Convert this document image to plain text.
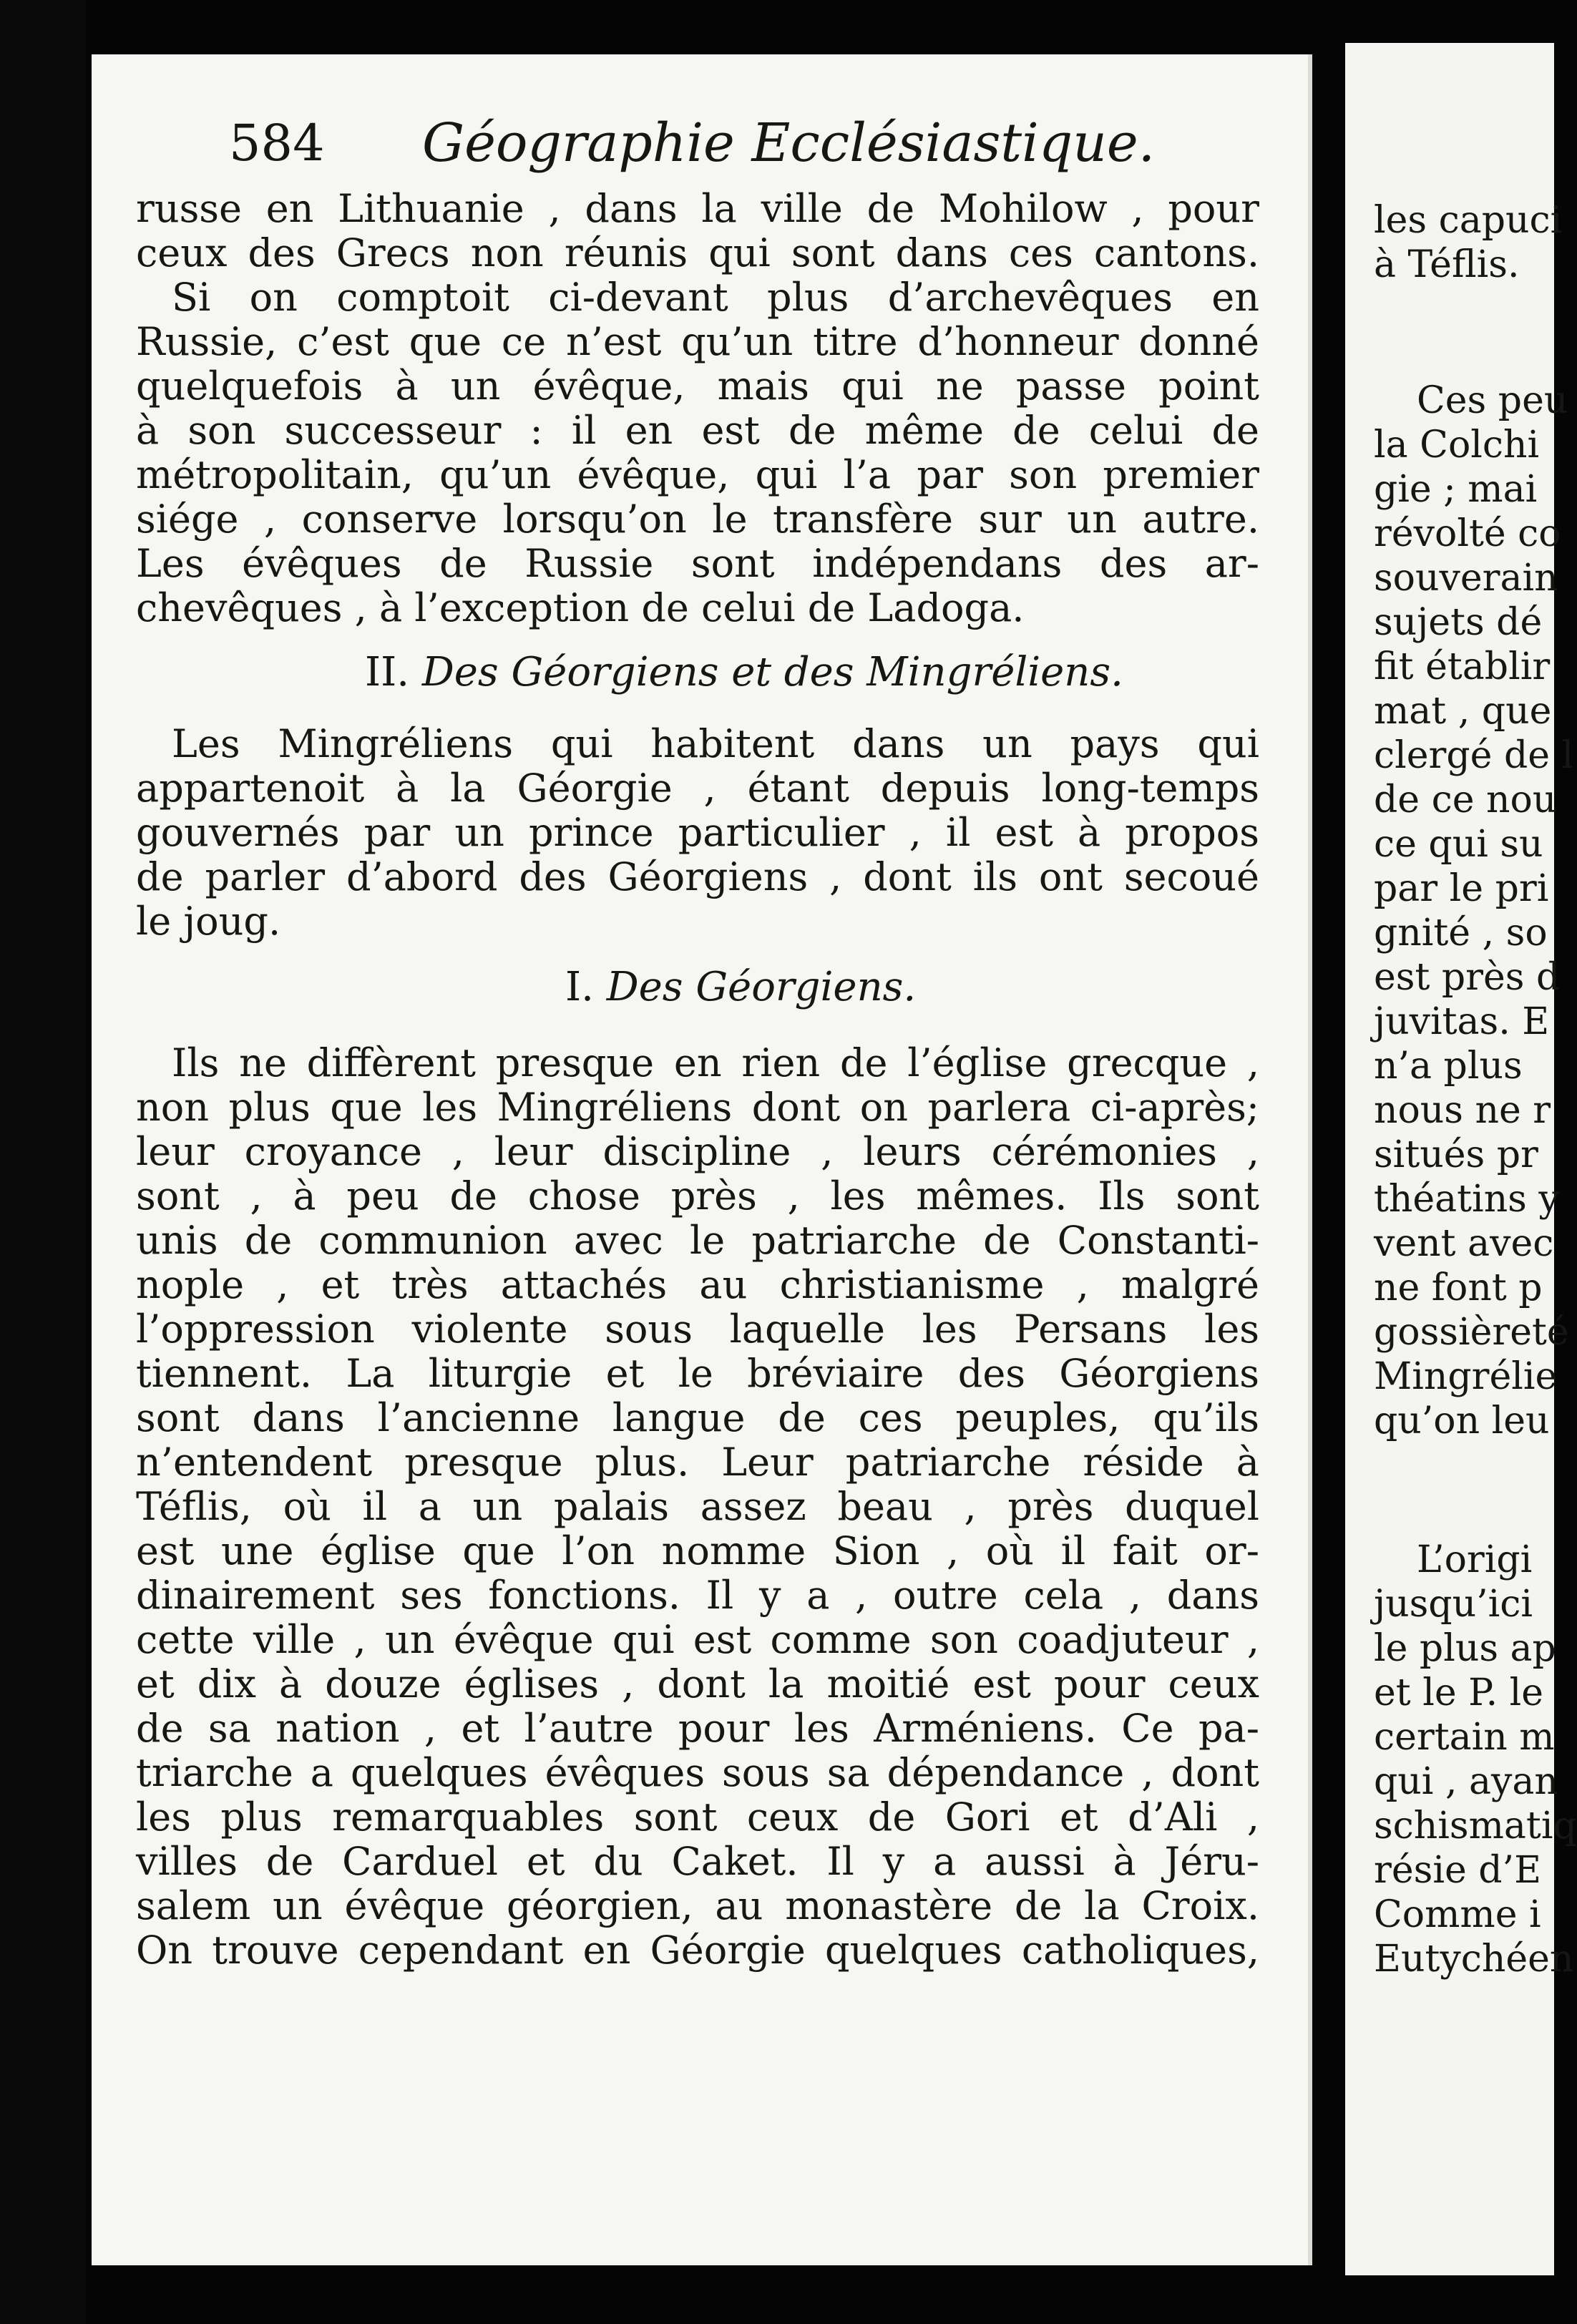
584 Géographie Ecclésiastique.
russe en Lithuanie , dans la ville de Mohilow , pour
ceux des Grecs non réunis qui sont dans ces cantons.
Si on comptoit ci-devant plus d’archevêques en
Russie, c’est que ce n’est qu’un titre d’honneur donné
quelquefois à un évêque, mais qui ne passe point
à son successeur : il en est de même de celui de
métropolitain, qu’un évêque, qui l’a par son premier
siége , conserve lorsqu’on le transfère sur un autre.
Les évêques de Russie sont indépendans des ar-
chevêques , à l’exception de celui de Ladoga.
II. Des Géorgiens et des Mingréliens.
Les Mingréliens qui habitent dans un pays qui
appartenoit à la Géorgie , étant depuis long-temps
gouvernés par un prince particulier , il est à propos
de parler d’abord des Géorgiens , dont ils ont secoué
le joug.
I. Des Géorgiens.
Ils ne diffèrent presque en rien de l’église grecque ,
non plus que les Mingréliens dont on parlera ci-après;
leur croyance , leur discipline , leurs cérémonies ,
sont , à peu de chose près , les mêmes. Ils sont
unis de communion avec le patriarche de Constanti-
nople , et très attachés au christianisme , malgré
l’oppression violente sous laquelle les Persans les
tiennent. La liturgie et le bréviaire des Géorgiens
sont dans l’ancienne langue de ces peuples, qu’ils
n’entendent presque plus. Leur patriarche réside à
Téflis, où il a un palais assez beau , près duquel
est une église que l’on nomme Sion , où il fait or-
dinairement ses fonctions. Il y a , outre cela , dans
cette ville , un évêque qui est comme son coadjuteur ,
et dix à douze églises , dont la moitié est pour ceux
de sa nation , et l’autre pour les Arméniens. Ce pa-
triarche a quelques évêques sous sa dépendance , dont
les plus remarquables sont ceux de Gori et d’Ali ,
villes de Carduel et du Caket. Il y a aussi à Jéru-
salem un évêque géorgien, au monastère de la Croix.
On trouve cependant en Géorgie quelques catholiques,
les capuci
à Téflis.
Ces peu
la Colchi
gie ; mai
révolté co
souverain
sujets dé
fit établir
mat , que
clergé de l
de ce nou
ce qui su
par le pri
gnité , so
est près d
juvitas. E
n’a plus
nous ne r
situés pr
théatins y
vent avec
ne font p
gossièreté
Mingrélie
qu’on leu
L’origi
jusqu’ici
le plus ap
et le P. le
certain m
qui , ayan
schismatiq
résie d’E
Comme i
Eutychéen
